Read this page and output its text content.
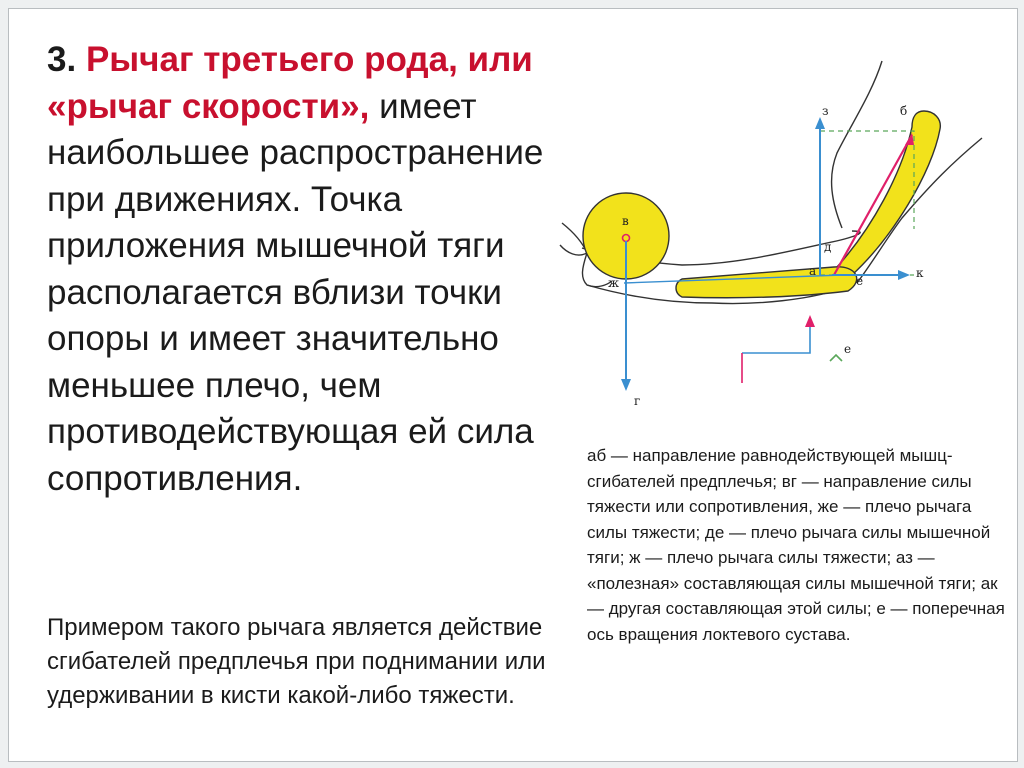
3. Рычаг третьего рода, или «рычаг скорости», имеет наибольшее распространение при движениях. Точка приложения мышечной тяги располагается вблизи точки опоры и имеет значительно меньшее плечо, чем противодействующая ей сила сопротивления.
Примером такого рычага является действие сгибателей предплечья при поднимании или удерживании в кисти какой-либо тяжести.
з	б
в
д
а
е
к
ж
г
е
аб — направление равнодействующей мышц-сгибателей предплечья; вг — направление силы тяжести или сопротивления, же — плечо рычага силы тяжести; де — плечо рычага силы мышечной тяги; ж — плечо рычага силы тяжести; аз — «полезная» составляющая силы мышечной тяги; ак — другая составляющая этой силы; е — поперечная ось вращения локтевого сустава.
